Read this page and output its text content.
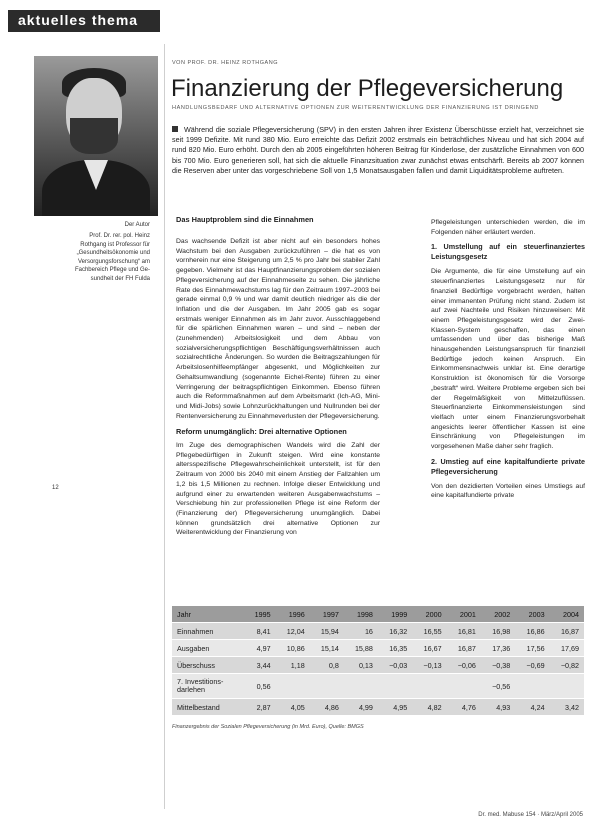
aktuelles thema
Der Autor
Prof. Dr. rer. pol. Heinz
Rothgang ist Professor für
„Gesundheitsökonomie und
Versorgungsforschung“ am
Fachbereich Pflege und Ge-
sundheit der FH Fulda
12
VON PROF. DR. HEINZ ROTHGANG
Finanzierung der Pflegeversicherung
HANDLUNGSBEDARF UND ALTERNATIVE OPTIONEN ZUR WEITERENTWICKLUNG DER FINANZIERUNG IST DRINGEND
Während die soziale Pflegeversicherung (SPV) in den ersten Jahren ihrer Existenz Überschüsse erzielt hat, verzeichnet sie seit 1999 Defizite. Mit rund 380 Mio. Euro erreichte das Defizit 2002 erstmals ein beträchtliches Niveau und hat sich 2004 auf rund 820 Mio. Euro erhöht. Durch den ab 2005 eingeführten höheren Beitrag für Kinderlose, der zusätzliche Einnahmen von 600 bis 700 Mio. Euro generieren soll, hat sich die aktuelle Finanzsituation zwar zunächst etwas entschärft. Bereits ab 2007 können die Reserven aber unter das vorgeschriebene Soll von 1,5 Monatsausgaben fallen und damit Liquiditätsprobleme auftreten.
Das Hauptproblem sind die Einnahmen

Das wachsende Defizit ist aber nicht auf ein besonders hohes Wachstum bei den Ausgaben zurückzuführen – die hat es von vornherein nur eine Steigerung um 2,5 % pro Jahr bei stabiler Zahl gegeben. Vielmehr ist das Hauptfinanzierungsproblem der sozialen Pflegeversicherung auf der Einnahmeseite zu sehen. Die jährliche Rate des Einnahmewachstums lag für den Zeitraum 1997–2003 bei gerade einmal 0,9 % und war damit deutlich niedriger als die der Inflation und die der Ausgaben. Im Jahr 2005 gab es sogar erstmals weniger Einnahmen als im Jahr zuvor. Ausschlaggebend für die spärlichen Einnahmen waren – und sind – neben der (zunehmenden) Arbeitslosigkeit und dem Abbau von sozialversicherungspflichtigen Beschäftigungsverhältnissen auch sozialrechtliche Änderungen. So wurden die Beitragszahlungen für Arbeitslosenhilfeempfänger abgesenkt, und Möglichkeiten zur Gehaltsumwandlung (sogenannte Eichel-Rente) führen zu einer Verringerung der beitragspflichtigen Einkommen. Ebenso führen auch die Reformmaßnahmen auf dem Arbeitsmarkt (Ich-AG, Mini- und Midi-Jobs) sowie Lohnzurückhaltungen und Nullrunden bei der Rentenversicherung zu Einnahmeverlusten der Pflegeversicherung.

Reform unumgänglich: Drei alternative Optionen

Im Zuge des demographischen Wandels wird die Zahl der Pflegebedürftigen in Zukunft steigen. Wird eine konstante altersspezifische Pflegewahrscheinlichkeit unterstellt, ist für den Zeitraum von 2000 bis 2040 mit einem Anstieg der Fallzahlen um 1,2 bis 1,5 Millionen zu rechnen. Infolge dieser Entwicklung und aufgrund einer zu erwartenden weiteren Ausgabenwachstums – Verschiebung hin zur professionellen Pflege ist eine Reform der (Finanzierung der) Pflegeversicherung unumgänglich. Dabei können grundsätzlich drei alternative Optionen zur Weiterentwicklung der Finanzierung von

Pflegeleistungen unterschieden werden, die im Folgenden näher erläutert werden.

1. Umstellung auf ein steuerfinanziertes Leistungsgesetz

Die Argumente, die für eine Umstellung auf ein steuerfinanziertes Leistungsgesetz nur für finanziell Bedürftige vorgebracht werden, halten einer immanenten Prüfung nicht stand. Zudem ist auf zwei Nachteile und Risiken hinzuweisen: Mit einem Pflegeleistungsgesetz wird der Zwei-Klassen-System geschaffen, das einen umfassenden und über das bisherige Maß hinausgehenden Leistungsanspruch für finanziell Bedürftige jedoch keinen Anspruch. Ein Einkommensnachweis unklar ist. Eine derartige Konstruktion ist ökonomisch für die Vorsorge „bestraft“ wird. Weitere Probleme ergeben sich bei der Regelmäßigkeit von Mittelzuflüssen. Steuerfinanzierte Einkommensleistungen sind vielfach unter einem Finanzierungsvorbehalt angesichts leerer öffentlicher Kassen ist eine Einschränkung von Pflegeleistungen im vorgesehenen Maße daher sehr fraglich.

2. Umstieg auf eine kapitalfundierte private Pflegeversicherung

Von den dezidierten Vorteilen eines Umstiegs auf eine kapitalfundierte private

Jahr	1995	1996	1997	1998	1999	2000	2001	2002	2003	2004
Einnahmen	8,41	12,04	15,94	16	16,32	16,55	16,81	16,98	16,86	16,87
Ausgaben	4,97	10,86	15,14	15,88	16,35	16,67	16,87	17,36	17,56	17,69
Überschuss	3,44	1,18	0,8	0,13	−0,03	−0,13	−0,06	−0,38	−0,69	−0,82
7. Investitions-
darlehen	0,56							−0,56		
Mittelbestand	2,87	4,05	4,86	4,99	4,95	4,82	4,76	4,93	4,24	3,42
Finanzergebnis der Sozialen Pflegeversicherung (in Mrd. Euro), Quelle: BMGS
Dr. med. Mabuse 154 · März/April 2005
